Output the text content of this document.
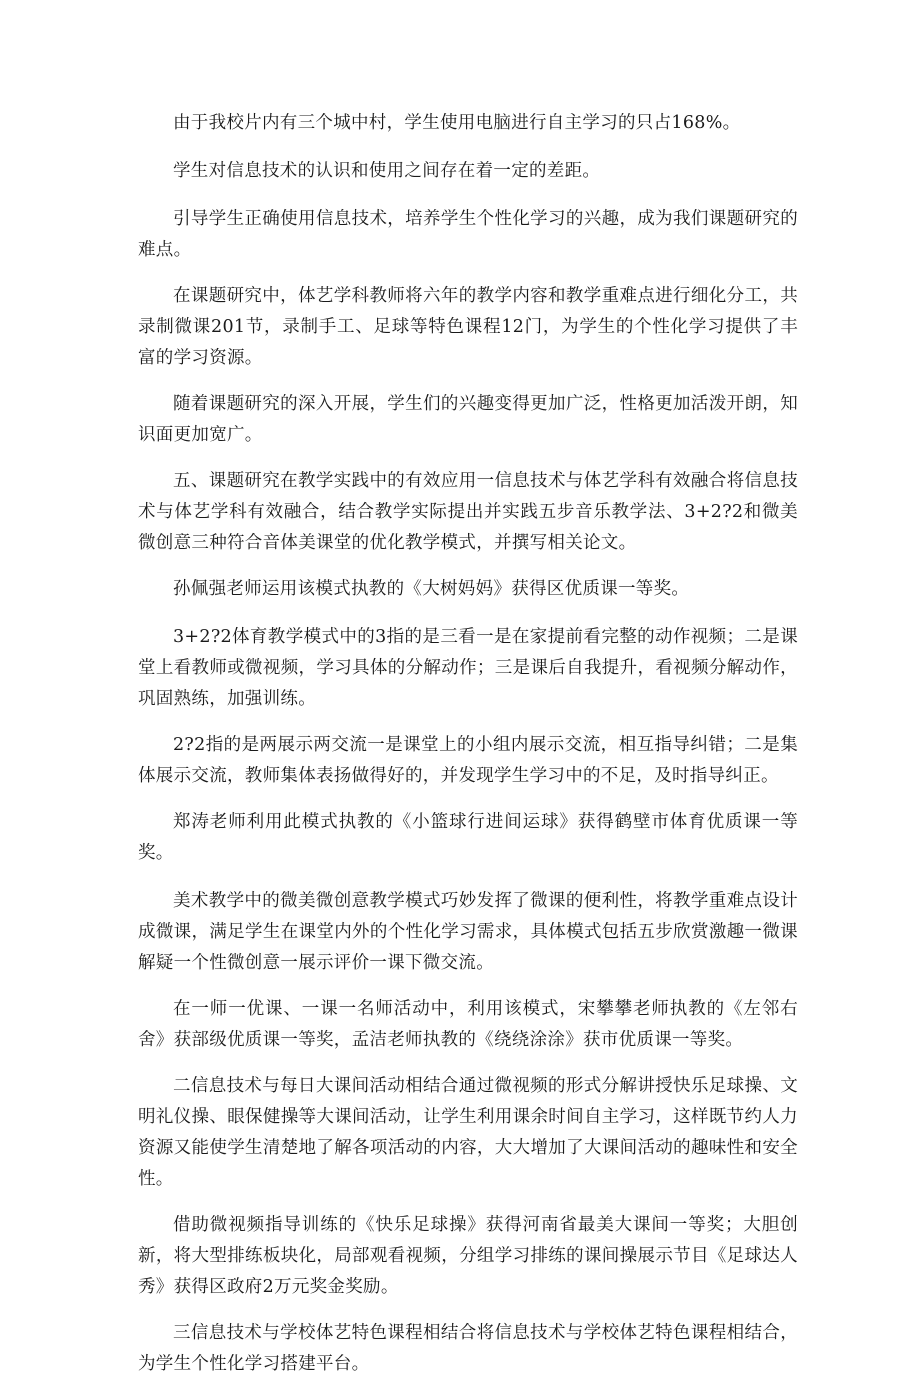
由于我校片内有三个城中村，学生使用电脑进行自主学习的只占168%。

学生对信息技术的认识和使用之间存在着一定的差距。

引导学生正确使用信息技术，培养学生个性化学习的兴趣，成为我们课题研究的难点。

在课题研究中，体艺学科教师将六年的教学内容和教学重难点进行细化分工，共录制微课201节，录制手工、足球等特色课程12门，为学生的个性化学习提供了丰富的学习资源。

随着课题研究的深入开展，学生们的兴趣变得更加广泛，性格更加活泼开朗，知识面更加宽广。

五、课题研究在教学实践中的有效应用一信息技术与体艺学科有效融合将信息技术与体艺学科有效融合，结合教学实际提出并实践五步音乐教学法、3+2?2和微美微创意三种符合音体美课堂的优化教学模式，并撰写相关论文。

孙佩强老师运用该模式执教的《大树妈妈》获得区优质课一等奖。

3+2?2体育教学模式中的3指的是三看一是在家提前看完整的动作视频；二是课堂上看教师或微视频，学习具体的分解动作；三是课后自我提升，看视频分解动作，巩固熟练，加强训练。

2?2指的是两展示两交流一是课堂上的小组内展示交流，相互指导纠错；二是集体展示交流，教师集体表扬做得好的，并发现学生学习中的不足，及时指导纠正。

郑涛老师利用此模式执教的《小篮球行进间运球》获得鹤壁市体育优质课一等奖。

美术教学中的微美微创意教学模式巧妙发挥了微课的便利性，将教学重难点设计成微课，满足学生在课堂内外的个性化学习需求，具体模式包括五步欣赏激趣一微课解疑一个性微创意一展示评价一课下微交流。

在一师一优课、一课一名师活动中，利用该模式，宋攀攀老师执教的《左邻右舍》获部级优质课一等奖，孟洁老师执教的《绕绕涂涂》获市优质课一等奖。

二信息技术与每日大课间活动相结合通过微视频的形式分解讲授快乐足球操、文明礼仪操、眼保健操等大课间活动，让学生利用课余时间自主学习，这样既节约人力资源又能使学生清楚地了解各项活动的内容，大大增加了大课间活动的趣味性和安全性。

借助微视频指导训练的《快乐足球操》获得河南省最美大课间一等奖；大胆创新，将大型排练板块化，局部观看视频，分组学习排练的课间操展示节目《足球达人秀》获得区政府2万元奖金奖励。

三信息技术与学校体艺特色课程相结合将信息技术与学校体艺特色课程相结合，为学生个性化学习搭建平台。
